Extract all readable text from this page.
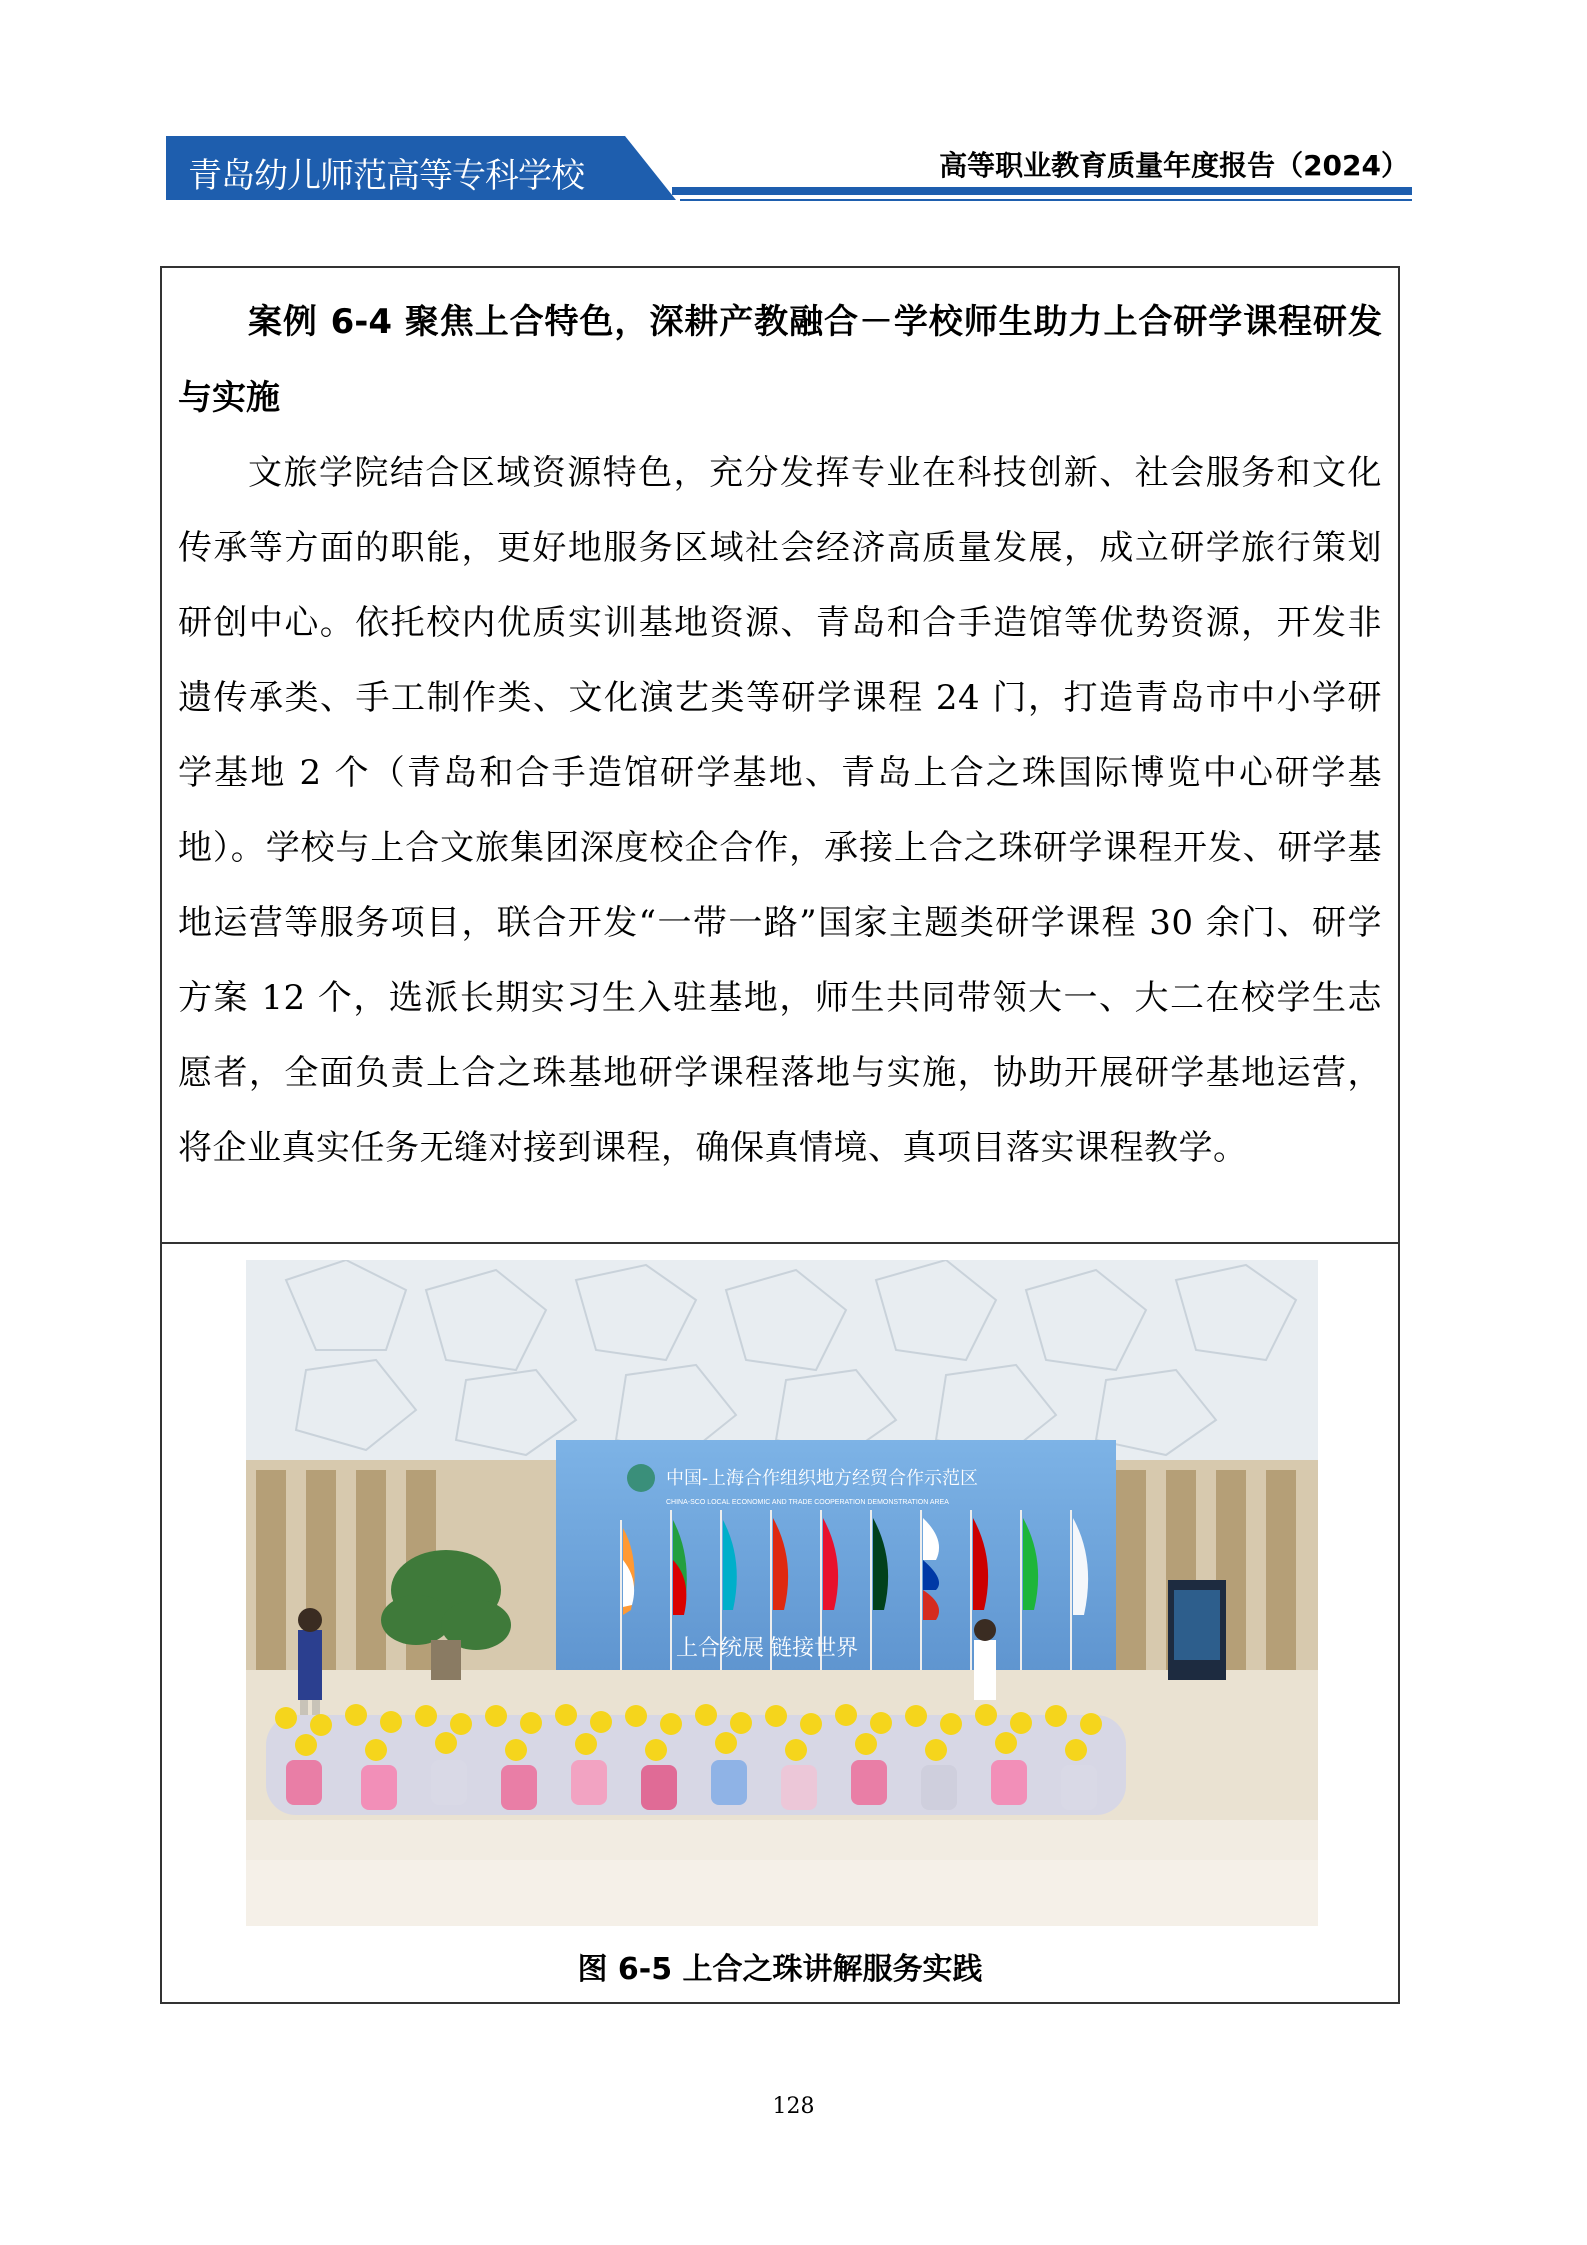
青岛幼儿师范高等专科学校	高等职业教育质量年度报告（2024）

案例 6-4 聚焦上合特色，深耕产教融合－学校师生助力上合研学课程研发与实施

文旅学院结合区域资源特色，充分发挥专业在科技创新、社会服务和文化传承等方面的职能，更好地服务区域社会经济高质量发展，成立研学旅行策划研创中心。依托校内优质实训基地资源、青岛和合手造馆等优势资源，开发非遗传承类、手工制作类、文化演艺类等研学课程 24 门，打造青岛市中小学研学基地 2 个（青岛和合手造馆研学基地、青岛上合之珠国际博览中心研学基地）。学校与上合文旅集团深度校企合作，承接上合之珠研学课程开发、研学基地运营等服务项目，联合开发“一带一路”国家主题类研学课程 30 余门、研学方案 12 个，选派长期实习生入驻基地，师生共同带领大一、大二在校学生志愿者，全面负责上合之珠基地研学课程落地与实施，协助开展研学基地运营，将企业真实任务无缝对接到课程，确保真情境、真项目落实课程教学。

中国-上海合作组织地方经贸合作示范区
CHINA-SCO LOCAL ECONOMIC AND TRADE COOPERATION DEMONSTRATION AREA
上合统展 链接世界
图 6-5 上合之珠讲解服务实践
128
